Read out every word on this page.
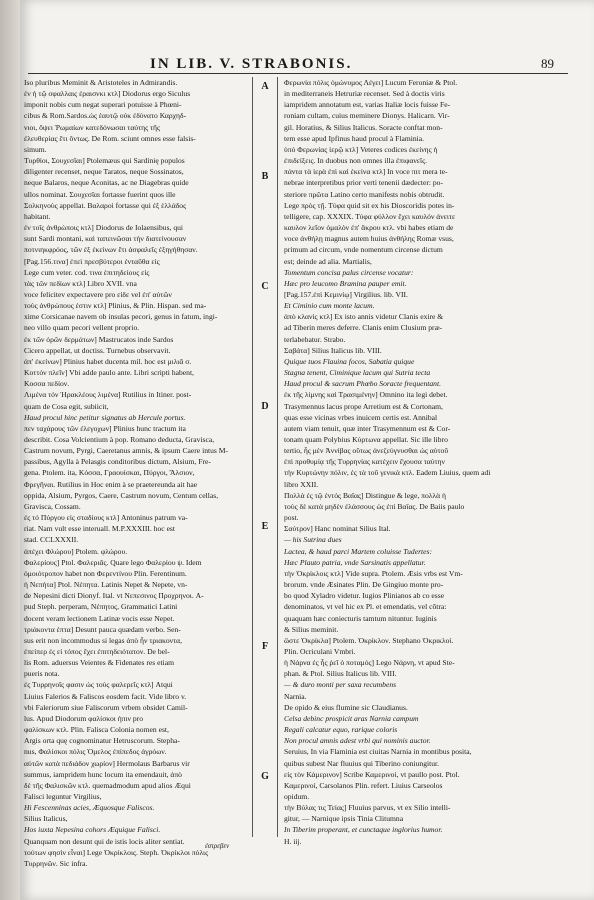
IN LIB. V. STRABONIS.	89
Iso pluribus Meminit & Aristoteles in Admirandis.
ἐν ἡ τῷ σφαλλαις ἐραισνκι κτλ] Diodorus ergo Siculus
imponit nobis cum negat superari potuisse à Phœni-
cibus & Rom.Sardos.ὡς ἑαυτῷ οὐκ ἐδύνατο Καρχηδ-
νιοι, ὄψει Ῥωμαίων κατεδόνωσαι ταύτης τῆς
ἐλευθερίας ἔτι ὄντως. De Rom. sciunt omnes esse falsis-
simum.
Τυρθίοι, Σουχεσῖαι] Ptolemæus qui Sardinię populos
diligenter recenset, neque Taratos, neque Sossinatos,
neque Balaros, neque Aconitas, ac ne Diagebras quide
ullos nominat. Σουχεσῖαι fortasse fuerint quos ille
Σολκηνοὺς appellat. Βαλαροὶ fortasse qui ἐξ ἑλλάδος
habitant.
ἐν τοῖς ἀνθρώποις κτλ] Diodorus de Iolaensibus, qui
sunt Sardi montani, καὶ ταπεινῶσαι τὴν διατείνουσαν
ποτνιηκφρόος, τῶν ἐξ ἐκείνων ἔτι ἀσφαλεῖς ἐξηγήθησαν.
[Pag.156.τινα] ἐπεὶ πρεσβύτεροι ἐνταῦθα εἰς
Lege cum veter. cod. τινα ἐπιτηδείους εἰς
τὰς τῶν πεδίων κτλ] Libro XVII. vna
voce felicitev expectavere pro εἰδε vel ἐπ' αὐτῶν
τοὺς ἀνθρώπους ἐστιν κτλ] Plinius, & Plin. Hispan. sed ma-
xime Corsicanae navem ob insulas pecori, genus in fatum, ingi-
neo villo quam pecori vellent proprio.
ἐκ τῶν ὀρῶν δερμάτων] Mastrucatos inde Sardos
Cicero appellat, ut doctiss. Turnebus observavit.
ἀπ' ἐκείνων] Plinius habet ducenta mil. hoc est μιλιᾶ σ.
Κοττόν πλεῖν] Vbi adde paulo ante. Libri scripti habent,
Κοσσα πεδίον.
Λιμένα τόν Ἡρακλέους λιμένα] Rutilius in Itiner. post-
quam de Cosa egit, subiicit,
Haud procul hinc petitur signatus ab Hercule portus.
πεν ταχάρους τῶν ἐλεγοχων] Plinius hunc tractum ita
describit. Cosa Volcientium à pop. Romano deducta, Gravisca,
Castrum novum, Pyrgi, Caeretanus amnis, & ipsum Caere intus M-
passibus, Agylla à Pelasgis conditoribus dictum, Alsium, Fre-
gena. Ptolem. ita, Κόσσα, Γραουίσκαι, Πύργοι, Ἄλσιον,
Φρεγῆναι. Rutilius in Hoc enim à se praetereunda ait hae
oppida, Alsium, Pyrgos, Caere, Castrum novum, Centum cellas,
Gravisca, Cossam.
ἐς τό Πύργου εἰς σταδίους κτλ] Antoninus patrum va-
riat. Nam vult esse interuall. M.P.XXXIII. hoc est
stad. CCLXXXII.
ἀπέχει Φλώρου] Ptolem. φλώρου.
Φαλερίους] Ptol. Φαλεριᾶς. Quare lego Φαλερίου ψ. Idem
ὁμοιότροπον habet non Φερεντίνου Plin. Ferentinum.
ἡ Νεπήτα] Ptol. Νέπητα. Latinis Nepet & Nepete, vn-
de Nepesini dicti Dionyf. Ital. vt Νεπεσινος Προχρηνοι. A-
pud Steph. perperam, Νέπητος, Grammatici Latini
docent veram lectionem Latinæ vocis esse Nepet.
τριάκοντα ἑπτα] Desunt pauca quædam verbo. Sen-
sus erit non incommodus si legas ἀπὸ ἦν τριακοντα,
ἐπείπερ ἐς εἰ τόπος ἔχει ἐπιτηδειότατον. De bel-
lis Rom. aduersus Veientes & Fidenates res etiam
pueris nota.
ἐς Τυρρηνοῖς φασιν ὡς τοὺς φαλερεῖς κτλ] Atqui
Liuius Falerios & Faliscos eosdem facit. Vide libro v.
vbi Faleriorum siue Faliscorum vrbem obsidet Camil-
lus. Apud Diodorum φαλίσκοι ἡπιν pro
φαλίσκων κτλ. Plin. Falisca Colonia nomen est,
Argis orta quę cognominatur Hetruscorum. Stepha-
nus, Φαλίσκοι πόλις Ὁμελος ἐπίπεδος ἀγρόων.
αὐτῶν κατὰ πεδιάδον χωρίον] Hermolaus Barbarus vir
summus, iampridem hunc locum ita emendauit, ἀπὸ
δὲ τῆς Φαλισκῶν κτλ. quemadmodum apud alios Æqui
Falisci leguntur Virgilius,
Hi Fescenninas acies, Æquosque Faliscos.
Silius Italicus,
Hos iuxta Nepesina cohors Æquique Falisci.
Quanquam non desunt qui de istis locis aliter sentiat.
τούτων φησίν εἶναι] Lege Ὀκρίκλοις. Steph. Ὀκρίκλοι πόλις
Τυρρηνῶν. Sic infra.
A
B
C
D
E
F
G
Φερωνία πόλις ὁμώνυμος Λέγει] Lucum Feroniæ & Ptol.
in mediterraneis Hetruriæ recenset. Sed à doctis viris
iampridem annotatum est, varias Italiæ locis fuisse Fe-
roniam cultam, cuius meminere Dionys. Halicarn. Vir-
gil. Horatius, & Silius Italicus. Soracte conftat mon-
tem esse apud Ipfinus haud procul à Flaminia.
ὑπὸ Φερωνίας ἱερῷ κτλ] Veteres codices ἐκείνης ἡ
ἐπιδείξεις. In duobus non omnes illa ἐπιφανεῖς.
πάντα τὰ ἱερὰ ἐπὶ καὶ ἐκείνα κτλ] In voce πιτ mera te-
nebrae interpretibus prior verti tenenii dædecter: po-
steriore πρῶτα Latino certo manifests nobis obtrudit.
Lege πρὸς τῇ. Tύφα quid sit ex his Dioscoridis potes in-
telligere, cap. XXXIX. Τύφα φύλλον ἔχει καυλόν ἀνειτε
καυλον λεῖον ὁμαλὸν ἐπ' ἄκρου κτλ. vbi habes etiam de
voce ἀνθήλῃ magnus autem huius ἀνθήλης Romæ vsus,
primum ad circum, vnde nomentum circense dictum
est; deinde ad alia. Martialis,
Tomentum concisa palus circense vocatur:
Hæc pro leucomo Bramina pauper emit.
[Pag.157.ἐπὶ Κεμινίῳ] Virgilius. lib. VII.
Et Ciminio cum monte lacum.
ἀπὸ κλανίς κτλ] Ex isto annis videtur Clanis exire &
ad Tiberin meres deferre. Clanis enim Clusium præ-
terlabebatur. Strabo.
Σαβάτα] Silius Italicus lib. VIII.
Quique tuos Flauina focos, Sabatia quique
Stagna tenent, Ciminique lacum qui Sutria tecta
Haud procul & sacrum Phœbo Soracte frequentant.
ἐκ τῆς λίμνης καὶ Τρασιμένην] Omnino ita legi debet.
Trasymennus lacus prope Arretium est & Cortonam,
quas esse vicinas vrbes inuicem certis est. Annibal
autem viam tenuit, quæ inter Trasymennum est & Cor-
tonam quam Polybius Κύρτωνα appellat. Sic ille libro
tertio, ἧς μὲν Ἀννίβας οὕτως ἀνεζεύγνυσθαι ὡς αὐτοῦ
ἐπὶ προθυμίᾳ τῆς Τυρρηνίας κατέχειν ἔχουσα ταύτην
τὴν Κυρτώνην πόλιν, ἐς τὰ τοῦ γενικὰ κτλ. Eadem Liuius, quem adi
libro XXII.
Πολλὰ ἐς τῷ ἐντός Βαΐας] Distingue & lege, πολλὰ ἡ
τοὺς δὲ κατὰ μηδὲν ἐλάσσους ὡς ἐπὶ Βαΐας. De Baiis paulo
post.
Σαύτρον] Hanc nominat Silius Ital.
— his Sutrina dues
Lactea, & haud parci Martem coluisse Tudertes:
Hæc Plauto patria, vnde Sarsinatis appellatur.
τὴν Ὀκρίκλοις κτλ] Vide supra. Ptolem. Æsis vrbs est Vm-
brorum. vnde Æsinates Plin. De Gingiuo monte pro-
bo quod Xyladro videtur. Iugios Plinianos ab co esse
denominatos, vt vel hic ex Pl. et emendatis, vel cōtra:
quaquam hæc coniecturis tamtum nituntur. Iuginis
& Silius meminit.
ὥστε Ὀκρίκλα] Ptolem. Ὀκρίκλον. Stephano Ὀκρικλοί.
Plin. Ocriculani Vmbri.
ἡ Νάρνα ἐς ἧς ῥεῖ ὁ ποταμός] Lego Νάρνη, vt apud Ste-
phan. & Ptol. Silius Italicus lib. VIII.
— & duro monti per saxa recumbens
Narnia.
De opido & eius flumine sic Claudianus.
Celsa debinc prospicit aras Narnia campum
Regali calcatur equo, rarique coloris
Non procul amnis adest vrbi qui nominis auctor.
Seruius, In via Flaminia est ciuitas Narnia in montibus posita,
quibus subest Nar fluuius qui Tiberino coniungitur.
εἰς τὸν Κάμερινον] Scribe Καμερινοὶ, vt paullo post. Ptol.
Καμερινοί, Carsolanos Plin. refert. Liuius Carseolos
opidum.
τὴν Βύλας τις Τείας] Fluuius parvus, vt ex Silio intelli-
gitur, — Narnique ipsis Tinia Clitumna
In Tiberim properant, et cunctaque inglorius humor.
H. iij.
ἐστρεβεν
